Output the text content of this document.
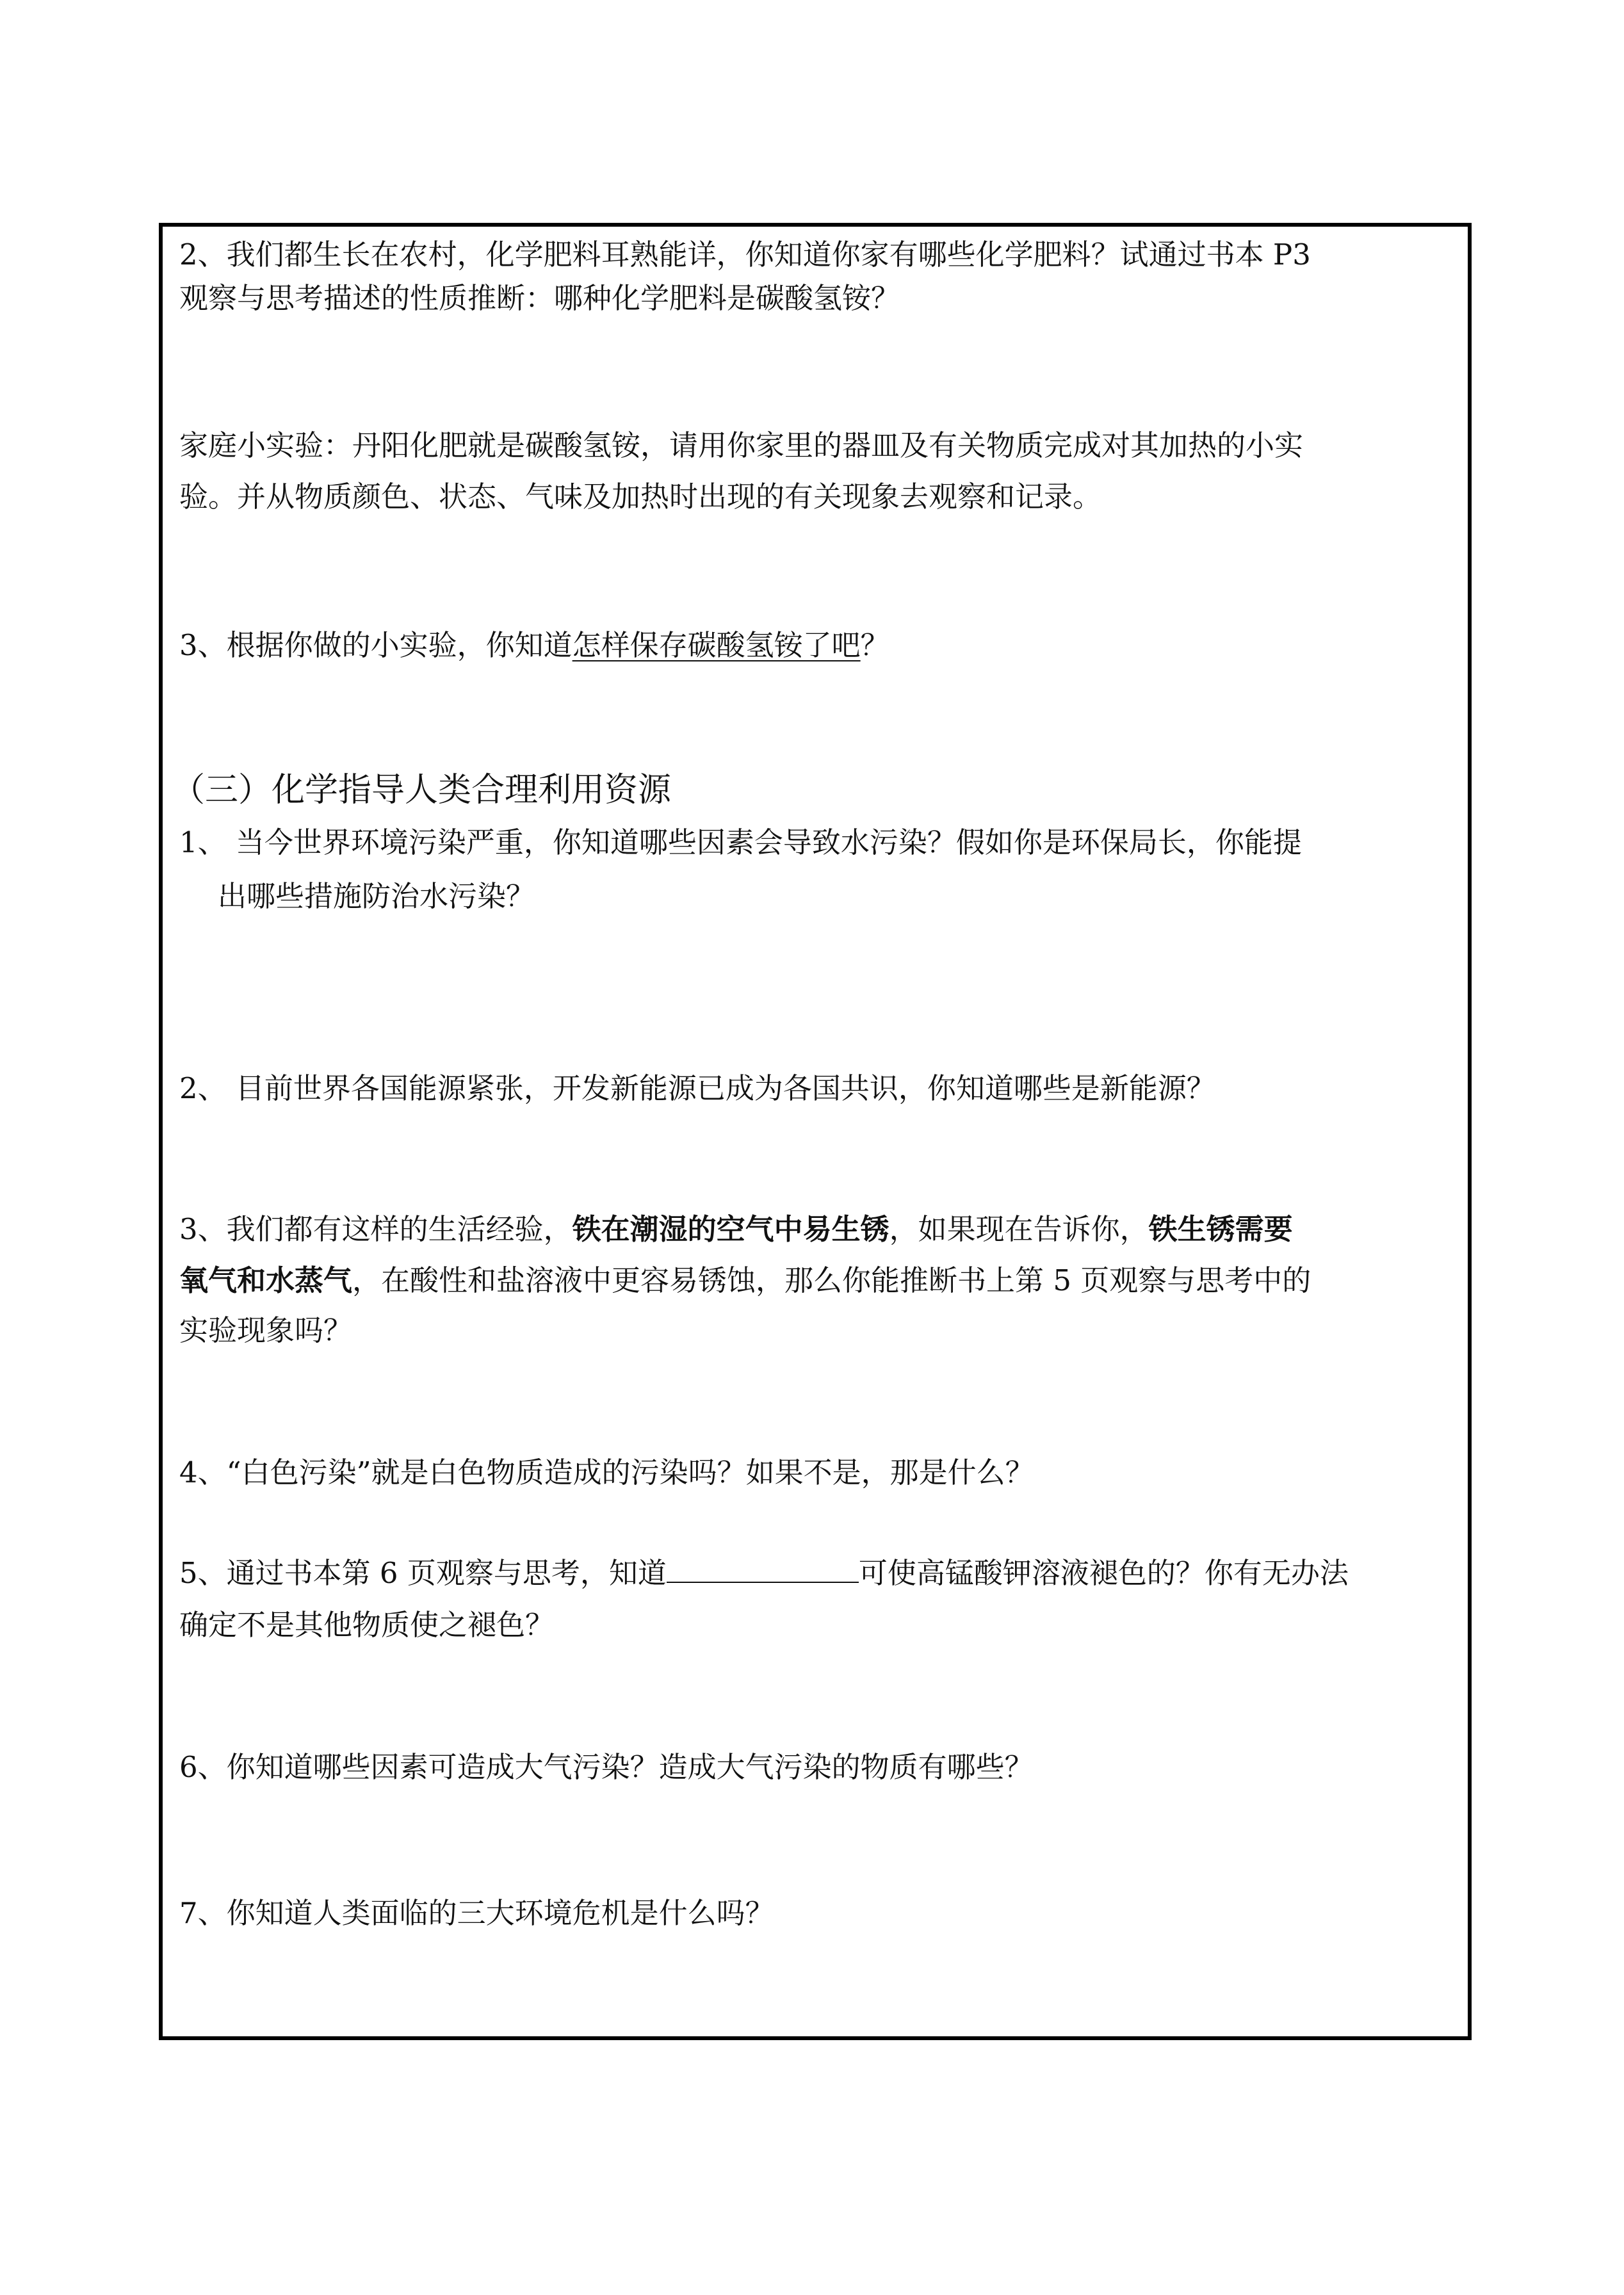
2、我们都生长在农村，化学肥料耳熟能详，你知道你家有哪些化学肥料？试通过书本 P3
观察与思考描述的性质推断：哪种化学肥料是碳酸氢铵？
家庭小实验：丹阳化肥就是碳酸氢铵，请用你家里的器皿及有关物质完成对其加热的小实
验。并从物质颜色、状态、气味及加热时出现的有关现象去观察和记录。
3、根据你做的小实验，你知道怎样保存碳酸氢铵了吧？
（三）化学指导人类合理利用资源
1、 当今世界环境污染严重，你知道哪些因素会导致水污染？假如你是环保局长，你能提
出哪些措施防治水污染？
2、 目前世界各国能源紧张，开发新能源已成为各国共识，你知道哪些是新能源？
3、我们都有这样的生活经验，铁在潮湿的空气中易生锈，如果现在告诉你，铁生锈需要
氧气和水蒸气，在酸性和盐溶液中更容易锈蚀，那么你能推断书上第 5 页观察与思考中的
实验现象吗？
4、“白色污染”就是白色物质造成的污染吗？如果不是，那是什么？
5、通过书本第 6 页观察与思考，知道	可使高锰酸钾溶液褪色的？你有无办法
确定不是其他物质使之褪色？
6、你知道哪些因素可造成大气污染？造成大气污染的物质有哪些？
7、你知道人类面临的三大环境危机是什么吗？
